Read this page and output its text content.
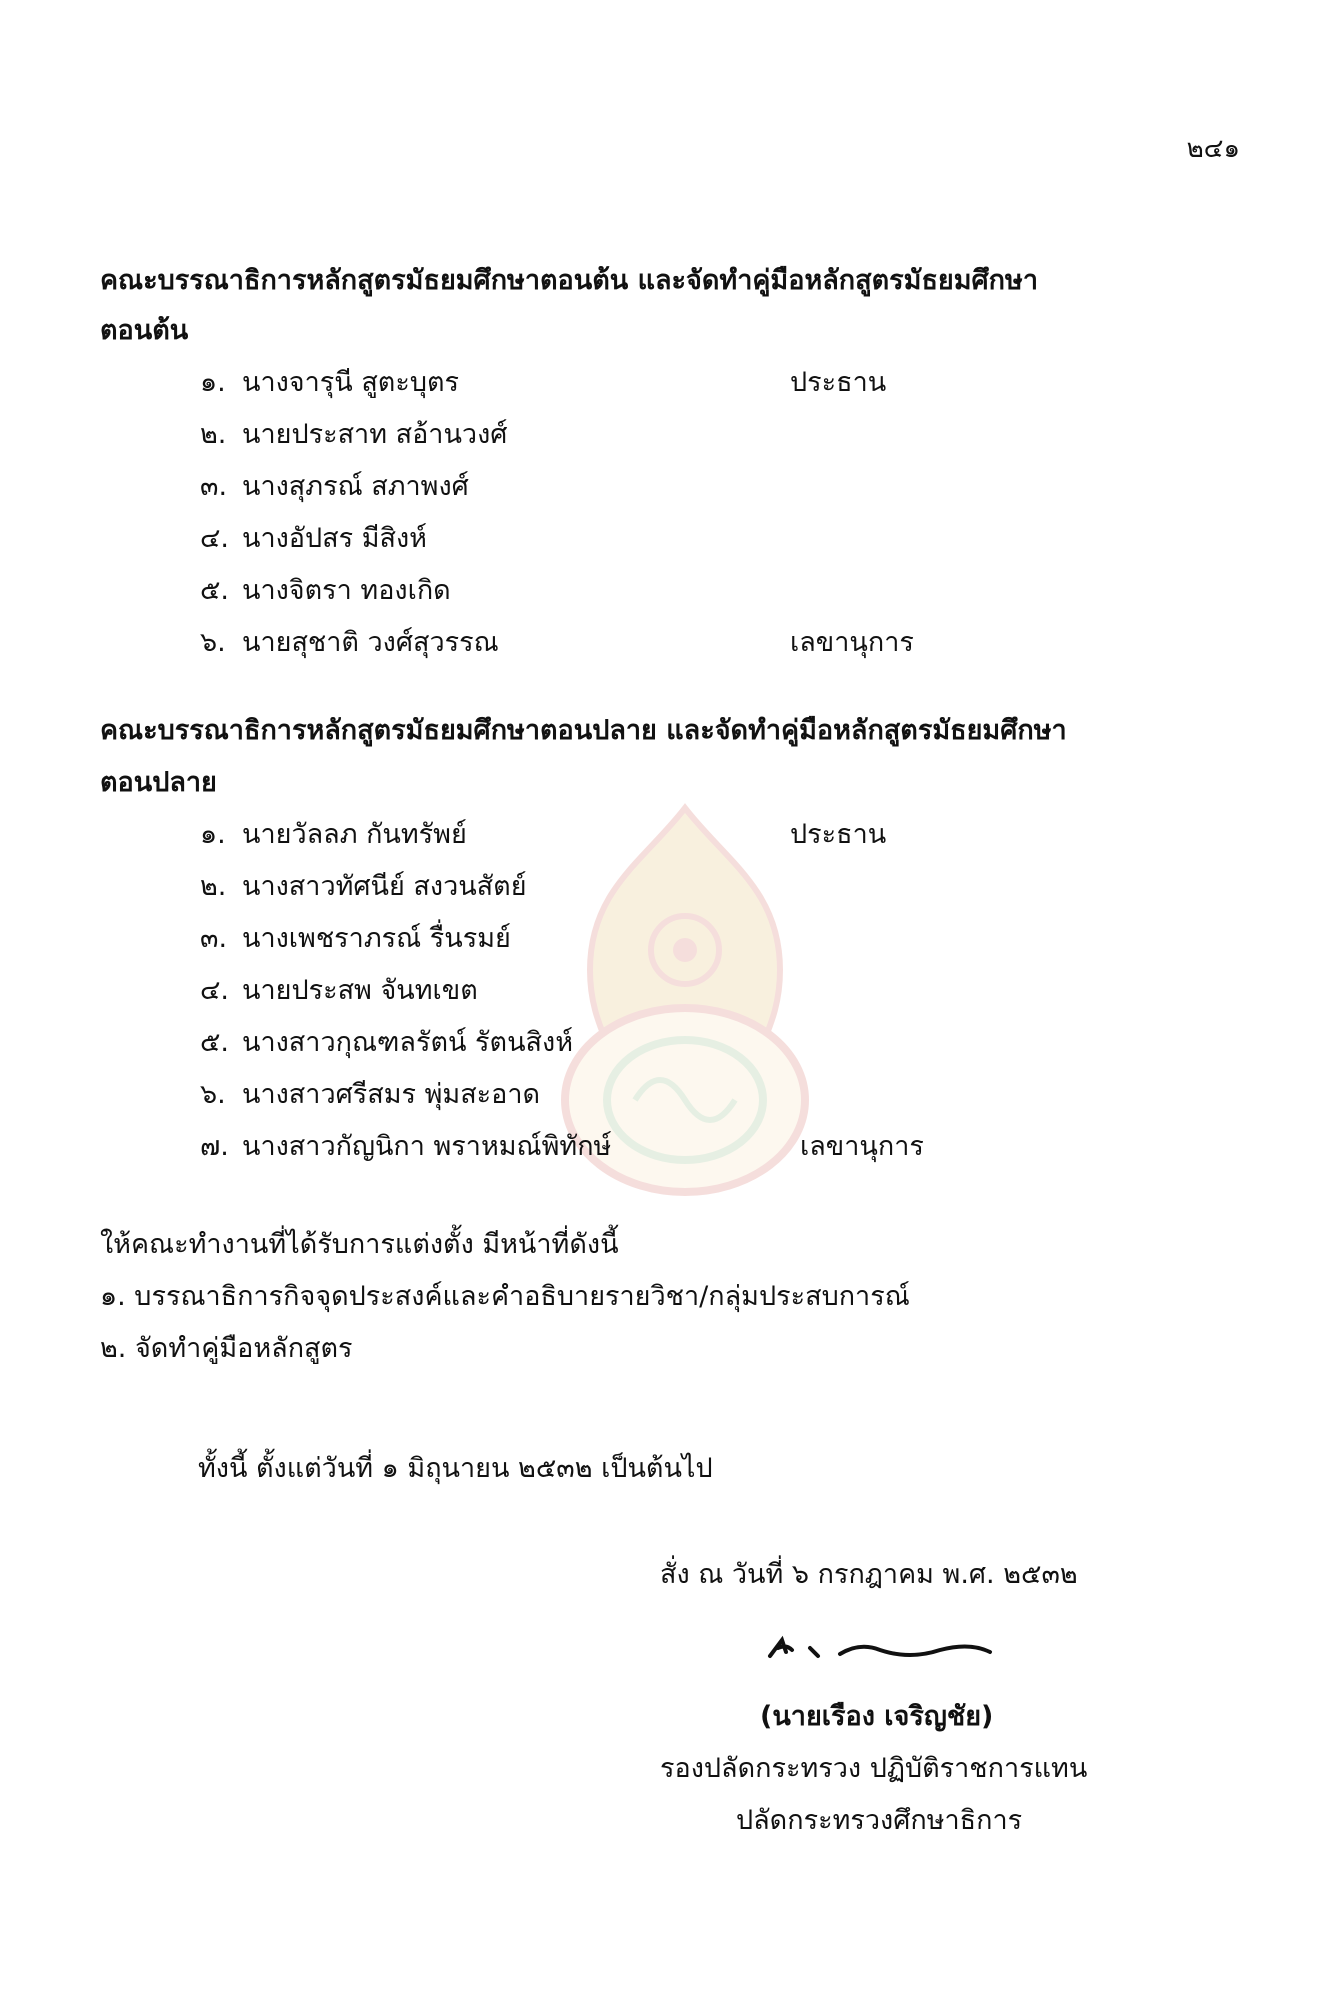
๒๔๑
คณะบรรณาธิการหลักสูตรมัธยมศึกษาตอนต้น และจัดทำคู่มือหลักสูตรมัธยมศึกษา
ตอนต้น
๑. นางจารุนี สูตะบุตร	ประธาน
๒. นายประสาท สอ้านวงศ์
๓. นางสุภรณ์ สภาพงศ์
๔. นางอัปสร มีสิงห์
๕. นางจิตรา ทองเกิด
๖. นายสุชาติ วงศ์สุวรรณ	เลขานุการ
คณะบรรณาธิการหลักสูตรมัธยมศึกษาตอนปลาย และจัดทำคู่มือหลักสูตรมัธยมศึกษา
ตอนปลาย
๑. นายวัลลภ กันทรัพย์	ประธาน
๒. นางสาวทัศนีย์ สงวนสัตย์
๓. นางเพชราภรณ์ รื่นรมย์
๔. นายประสพ จันทเขต
๕. นางสาวกุณฑลรัตน์ รัตนสิงห์
๖. นางสาวศรีสมร พุ่มสะอาด
๗. นางสาวกัญนิกา พราหมณ์พิทักษ์	เลขานุการ
ให้คณะทำงานที่ได้รับการแต่งตั้ง มีหน้าที่ดังนี้
๑. บรรณาธิการกิจจุดประสงค์และคำอธิบายรายวิชา/กลุ่มประสบการณ์
๒. จัดทำคู่มือหลักสูตร
ทั้งนี้ ตั้งแต่วันที่ ๑ มิถุนายน ๒๕๓๒ เป็นต้นไป
สั่ง ณ วันที่ ๖ กรกฎาคม พ.ศ. ๒๕๓๒
(นายเรือง เจริญชัย)
รองปลัดกระทรวง ปฏิบัติราชการแทน
ปลัดกระทรวงศึกษาธิการ
